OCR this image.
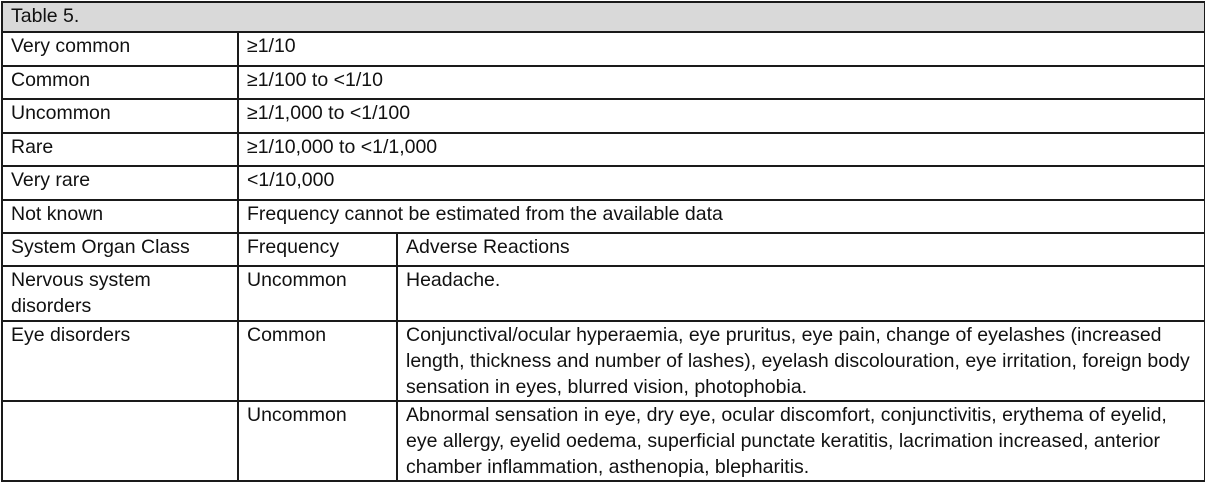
Table 5.		
Very common	≥1/10	
Common	≥1/100 to <1/10	
Uncommon	≥1/1,000 to <1/100	
Rare	≥1/10,000 to <1/1,000	
Very rare	<1/10,000	
Not known	Frequency cannot be estimated from the available data	
System Organ Class	Frequency	Adverse Reactions
Nervous system disorders	Uncommon	Headache.
Eye disorders	Common	Conjunctival/ocular hyperaemia, eye pruritus, eye pain, change of eyelashes (increased length, thickness and number of lashes), eyelash discolouration, eye irritation, foreign body sensation in eyes, blurred vision, photophobia.
	Uncommon	Abnormal sensation in eye, dry eye, ocular discomfort, conjunctivitis, erythema of eyelid, eye allergy, eyelid oedema, superficial punctate keratitis, lacrimation increased, anterior chamber inflammation, asthenopia, blepharitis.
